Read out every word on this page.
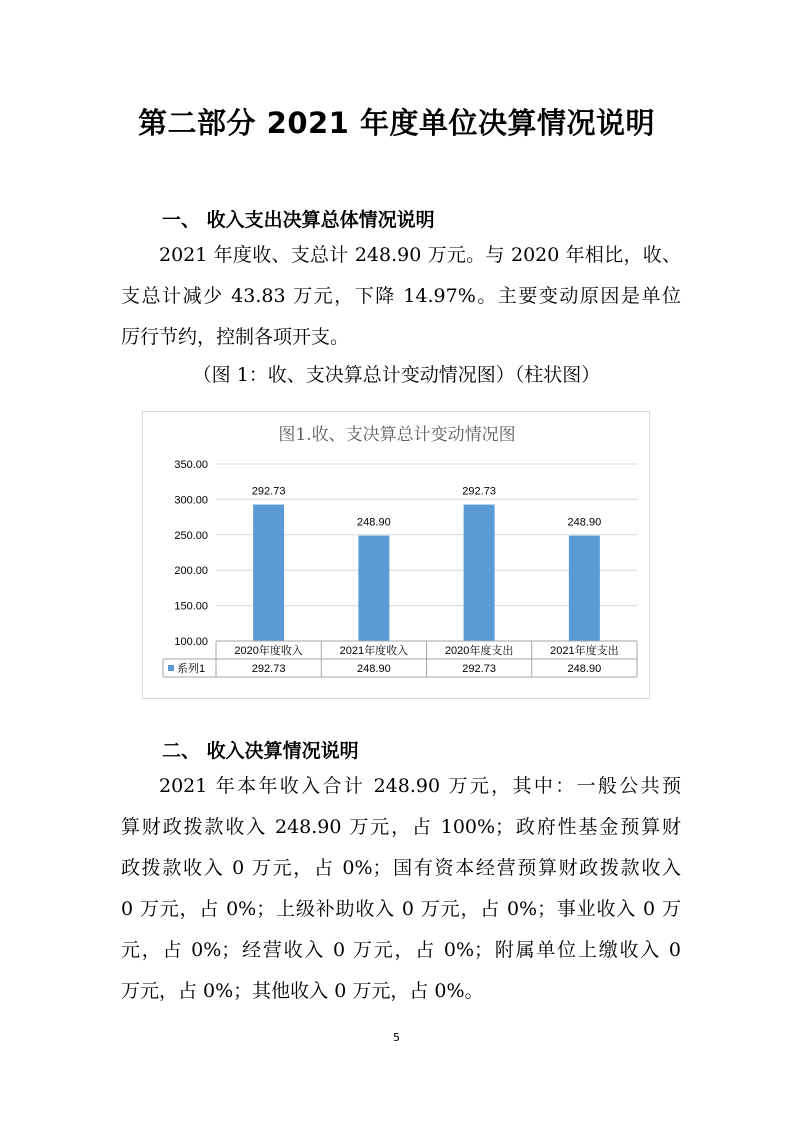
第二部分 2021 年度单位决算情况说明
一、 收入支出决算总体情况说明
2021 年度收、支总计 248.90 万元。与 2020 年相比，收、
支总计减少 43.83 万元，下降 14.97%。主要变动原因是单位
厉行节约，控制各项开支。
（图 1：收、支决算总计变动情况图）（柱状图）
图1.收、支决算总计变动情况图
100.00
150.00
200.00
250.00
300.00
350.00
292.73
248.90
292.73
248.90
2020年度收入	2021年度收入	2020年度支出	2021年度支出
系列1	292.73	248.90	292.73	248.90
二、 收入决算情况说明
2021 年本年收入合计 248.90 万元，其中：一般公共预
算财政拨款收入 248.90 万元，占 100%；政府性基金预算财
政拨款收入 0 万元，占 0%；国有资本经营预算财政拨款收入
0 万元，占 0%；上级补助收入 0 万元，占 0%；事业收入 0 万
元，占 0%；经营收入 0 万元，占 0%；附属单位上缴收入 0
万元，占 0%；其他收入 0 万元，占 0%。
5
